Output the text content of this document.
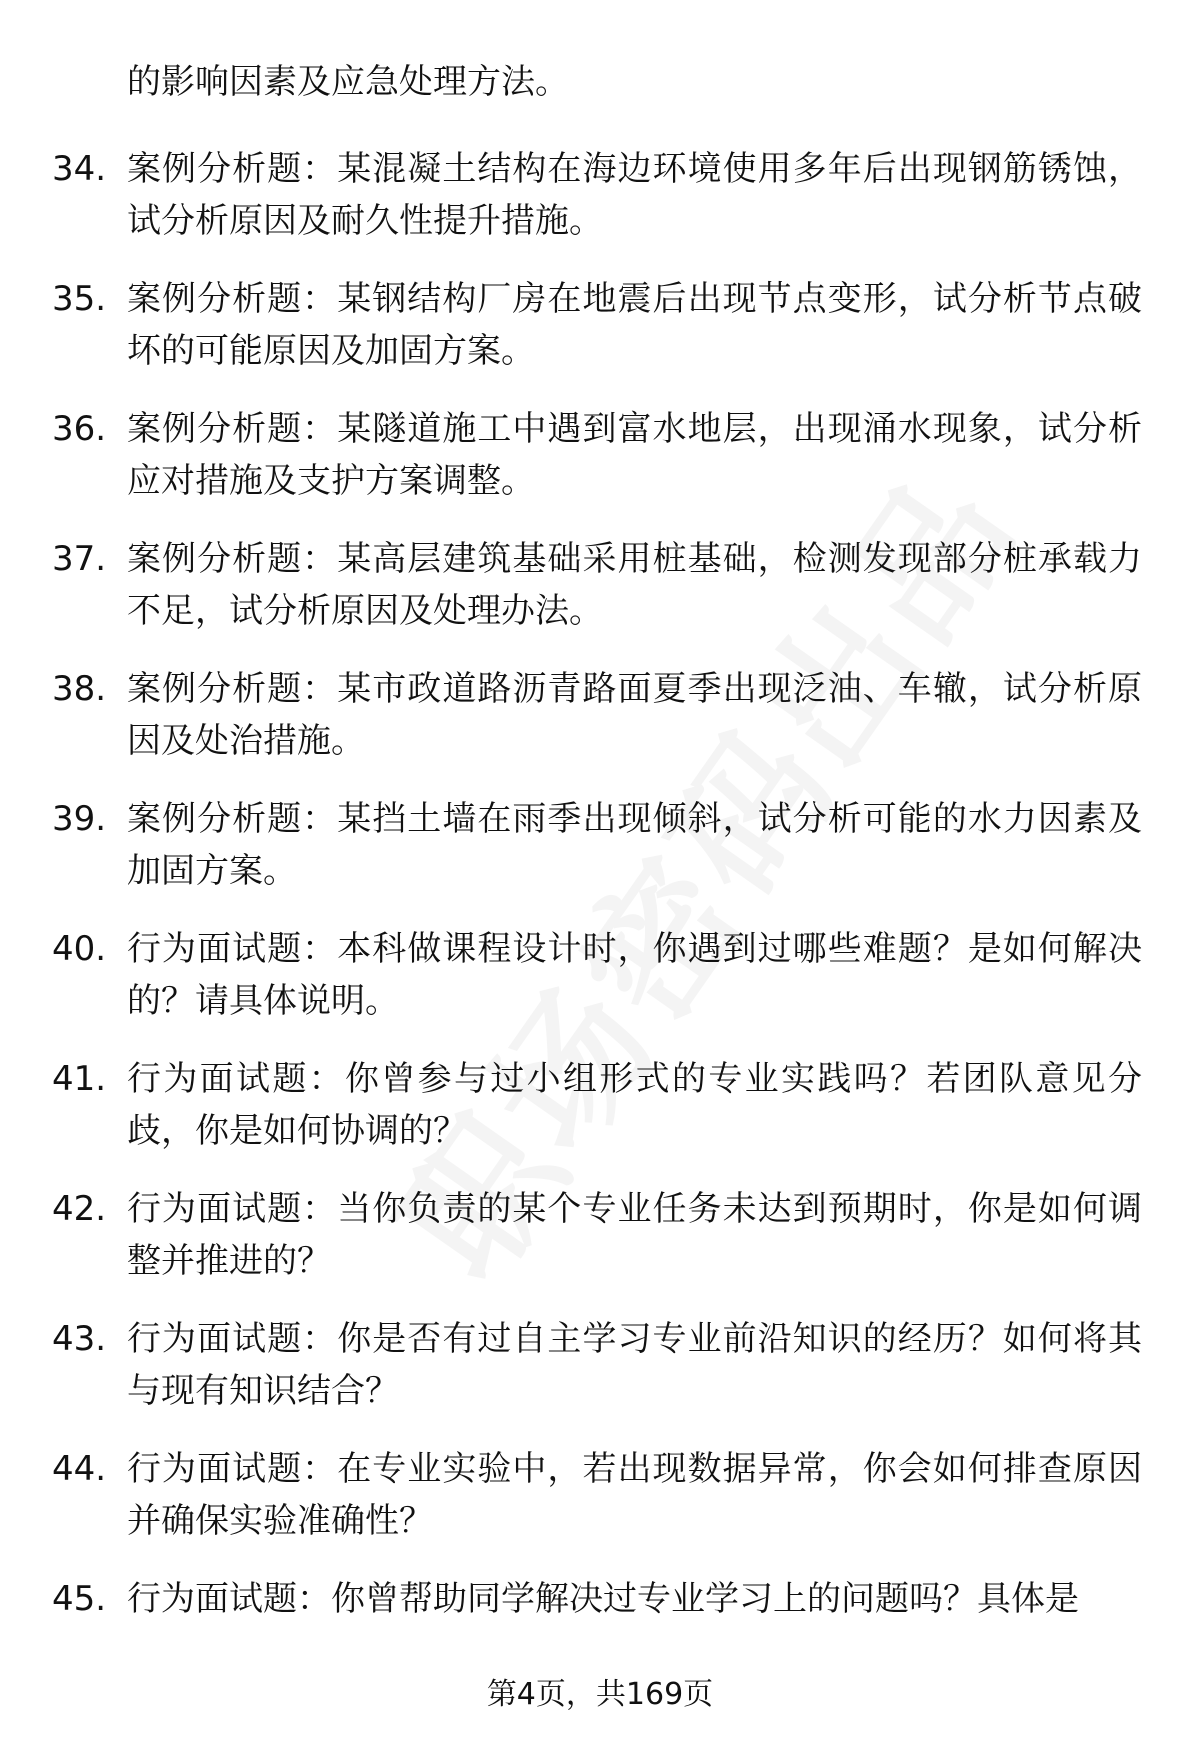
的影响因素及应急处理方法。

34. 案例分析题：某混凝土结构在海边环境使用多年后出现钢筋锈蚀，试分析原因及耐久性提升措施。

35. 案例分析题：某钢结构厂房在地震后出现节点变形，试分析节点破坏的可能原因及加固方案。

36. 案例分析题：某隧道施工中遇到富水地层，出现涌水现象，试分析应对措施及支护方案调整。

37. 案例分析题：某高层建筑基础采用桩基础，检测发现部分桩承载力不足，试分析原因及处理办法。

38. 案例分析题：某市政道路沥青路面夏季出现泛油、车辙，试分析原因及处治措施。

39. 案例分析题：某挡土墙在雨季出现倾斜，试分析可能的水力因素及加固方案。

40. 行为面试题：本科做课程设计时，你遇到过哪些难题？是如何解决的？请具体说明。

41. 行为面试题：你曾参与过小组形式的专业实践吗？若团队意见分歧，你是如何协调的？

42. 行为面试题：当你负责的某个专业任务未达到预期时，你是如何调整并推进的？

43. 行为面试题：你是否有过自主学习专业前沿知识的经历？如何将其与现有知识结合？

44. 行为面试题：在专业实验中，若出现数据异常，你会如何排查原因并确保实验准确性？

45. 行为面试题：你曾帮助同学解决过专业学习上的问题吗？具体是

第4页，共169页
